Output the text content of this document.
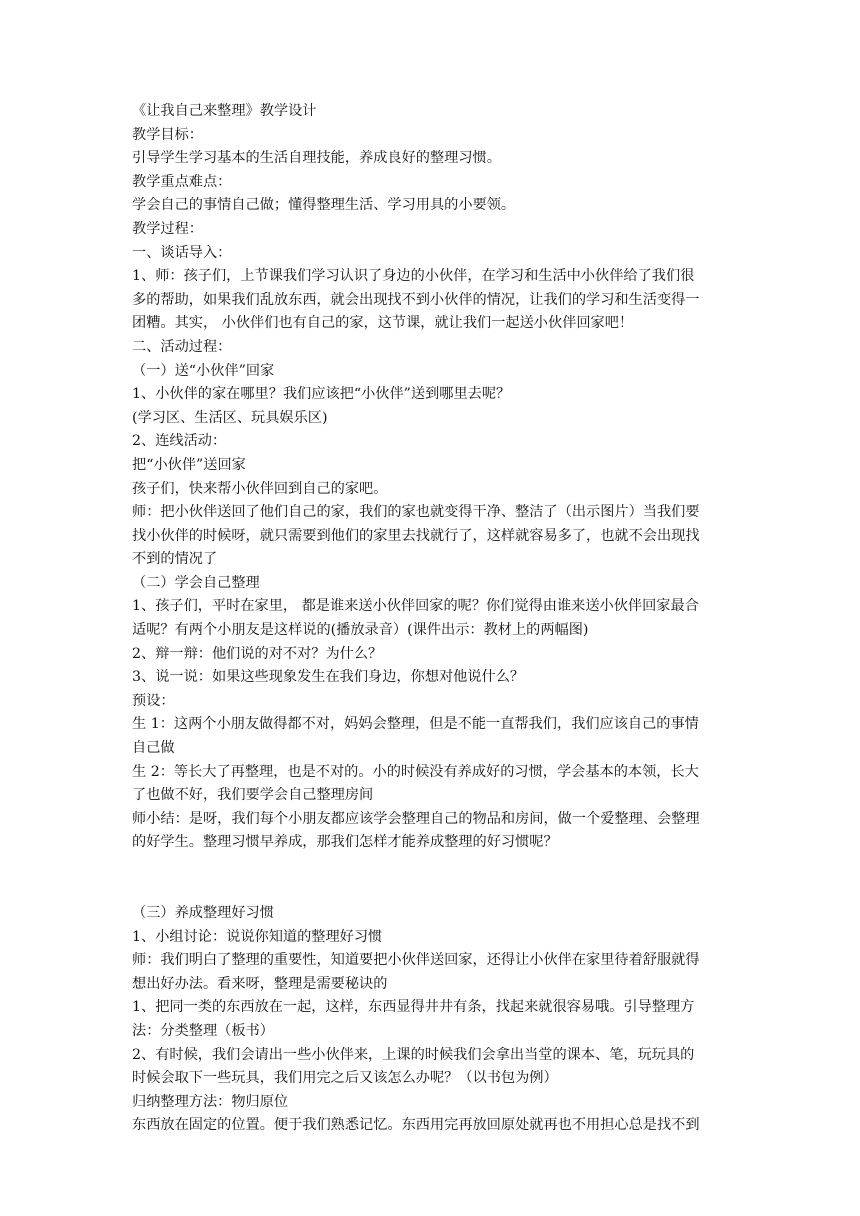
《让我自己来整理》教学设计
教学目标：
引导学生学习基本的生活自理技能，养成良好的整理习惯。
教学重点难点：
学会自己的事情自己做；懂得整理生活、学习用具的小要领。
教学过程：
一、谈话导入：
1、师：孩子们，上节课我们学习认识了身边的小伙伴，在学习和生活中小伙伴给了我们很
多的帮助，如果我们乱放东西，就会出现找不到小伙伴的情况，让我们的学习和生活变得一
团糟。其实， 小伙伴们也有自己的家，这节课，就让我们一起送小伙伴回家吧！
二、活动过程：
（一）送“小伙伴”回家
1、小伙伴的家在哪里？我们应该把“小伙伴”送到哪里去呢？
(学习区、生活区、玩具娱乐区)
2、连线活动：
把“小伙伴”送回家
孩子们，快来帮小伙伴回到自己的家吧。
师：把小伙伴送回了他们自己的家，我们的家也就变得干净、整洁了（出示图片）当我们要
找小伙伴的时候呀，就只需要到他们的家里去找就行了，这样就容易多了，也就不会出现找
不到的情况了
（二）学会自己整理
1、孩子们，平时在家里， 都是谁来送小伙伴回家的呢？你们觉得由谁来送小伙伴回家最合
适呢？有两个小朋友是这样说的(播放录音）(课件出示：教材上的两幅图)
2、辩一辩：他们说的对不对？为什么？
3、说一说：如果这些现象发生在我们身边，你想对他说什么？
预设：
生 1：这两个小朋友做得都不对，妈妈会整理，但是不能一直帮我们，我们应该自己的事情
自己做
生 2：等长大了再整理，也是不对的。小的时候没有养成好的习惯，学会基本的本领，长大
了也做不好，我们要学会自己整理房间
师小结：是呀，我们每个小朋友都应该学会整理自己的物品和房间，做一个爱整理、会整理
的好学生。整理习惯早养成，那我们怎样才能养成整理的好习惯呢？
（三）养成整理好习惯
1、小组讨论：说说你知道的整理好习惯
师：我们明白了整理的重要性，知道要把小伙伴送回家，还得让小伙伴在家里待着舒服就得
想出好办法。看来呀，整理是需要秘诀的
1、把同一类的东西放在一起，这样，东西显得井井有条，找起来就很容易哦。引导整理方
法：分类整理（板书）
2、有时候，我们会请出一些小伙伴来，上课的时候我们会拿出当堂的课本、笔，玩玩具的
时候会取下一些玩具，我们用完之后又该怎么办呢？（以书包为例）
归纳整理方法：物归原位
东西放在固定的位置。便于我们熟悉记忆。东西用完再放回原处就再也不用担心总是找不到
